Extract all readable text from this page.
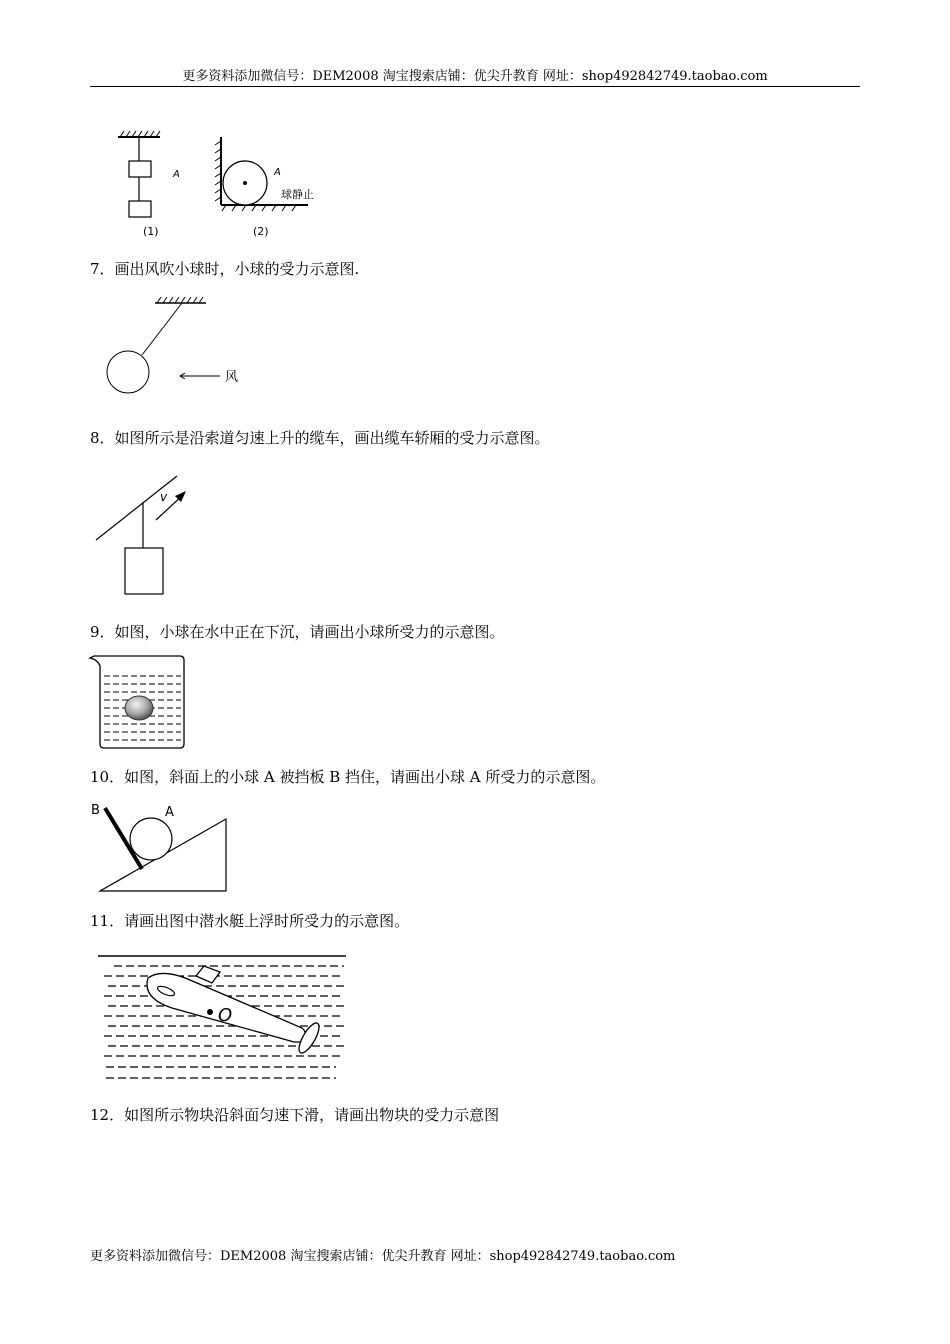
更多资料添加微信号：DEM2008 淘宝搜索店铺：优尖升教育 网址：shop492842749.taobao.com
A
(1)
A
球静止
(2)
7．画出风吹小球时，小球的受力示意图.
风
8．如图所示是沿索道匀速上升的缆车，画出缆车轿厢的受力示意图。
v
9．如图，小球在水中正在下沉，请画出小球所受力的示意图。
10．如图，斜面上的小球 A 被挡板 B 挡住，请画出小球 A 所受力的示意图。
B	A
11．请画出图中潜水艇上浮时所受力的示意图。
O
12．如图所示物块沿斜面匀速下滑，请画出物块的受力示意图
更多资料添加微信号：DEM2008 淘宝搜索店铺：优尖升教育 网址：shop492842749.taobao.com
